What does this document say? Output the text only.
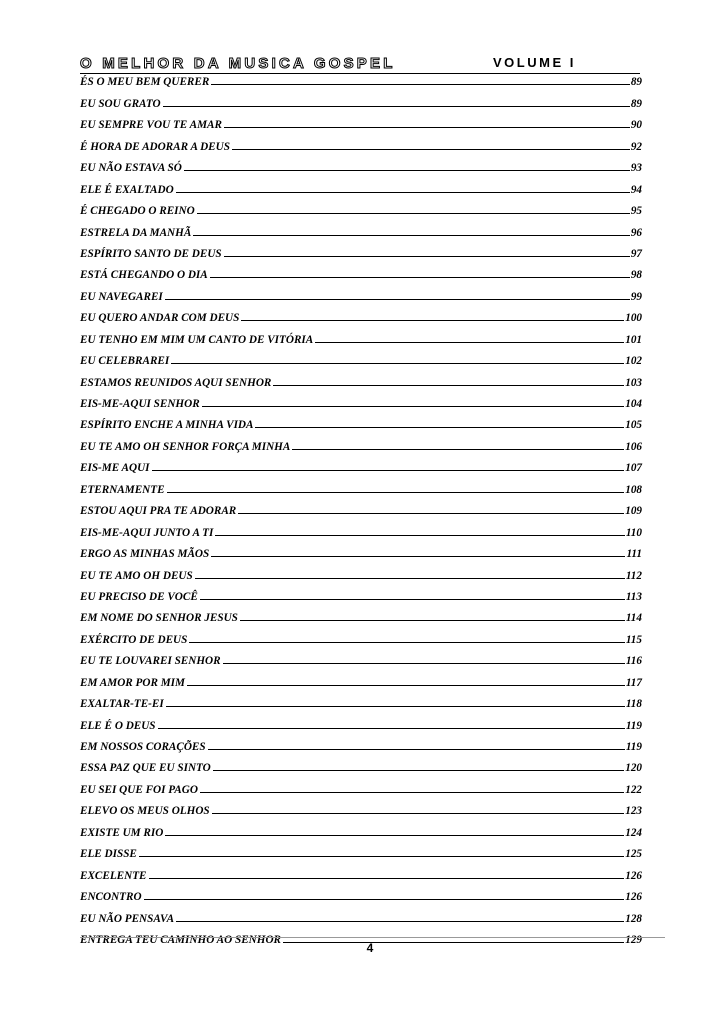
O MELHOR DA MUSICA GOSPEL	VOLUME I
ÉS O MEU BEM QUERER	89
EU SOU GRATO	89
EU SEMPRE VOU TE AMAR	90
É HORA DE ADORAR A DEUS	92
EU NÃO ESTAVA SÓ	93
ELE É EXALTADO	94
É CHEGADO O REINO	95
ESTRELA DA MANHÃ	96
ESPÍRITO SANTO DE DEUS	97
ESTÁ CHEGANDO O DIA	98
EU NAVEGAREI	99
EU QUERO ANDAR COM DEUS	100
EU TENHO EM MIM UM CANTO DE VITÓRIA	101
EU CELEBRAREI	102
ESTAMOS REUNIDOS AQUI SENHOR	103
EIS-ME-AQUI SENHOR	104
ESPÍRITO ENCHE A MINHA VIDA	105
EU TE AMO OH SENHOR FORÇA MINHA	106
EIS-ME AQUI	107
ETERNAMENTE	108
ESTOU AQUI PRA TE ADORAR	109
EIS-ME-AQUI JUNTO A TI	110
ERGO AS MINHAS MÃOS	111
EU TE AMO OH DEUS	112
EU PRECISO DE VOCÊ	113
EM NOME DO SENHOR JESUS	114
EXÉRCITO DE DEUS	115
EU TE LOUVAREI SENHOR	116
EM AMOR POR MIM	117
EXALTAR-TE-EI	118
ELE É O DEUS	119
EM NOSSOS CORAÇÕES	119
ESSA PAZ QUE EU SINTO	120
EU SEI QUE FOI PAGO	122
ELEVO OS MEUS OLHOS	123
EXISTE UM RIO	124
ELE DISSE	125
EXCELENTE	126
ENCONTRO	126
EU NÃO PENSAVA	128
ENTREGA TEU CAMINHO AO SENHOR	129
4
